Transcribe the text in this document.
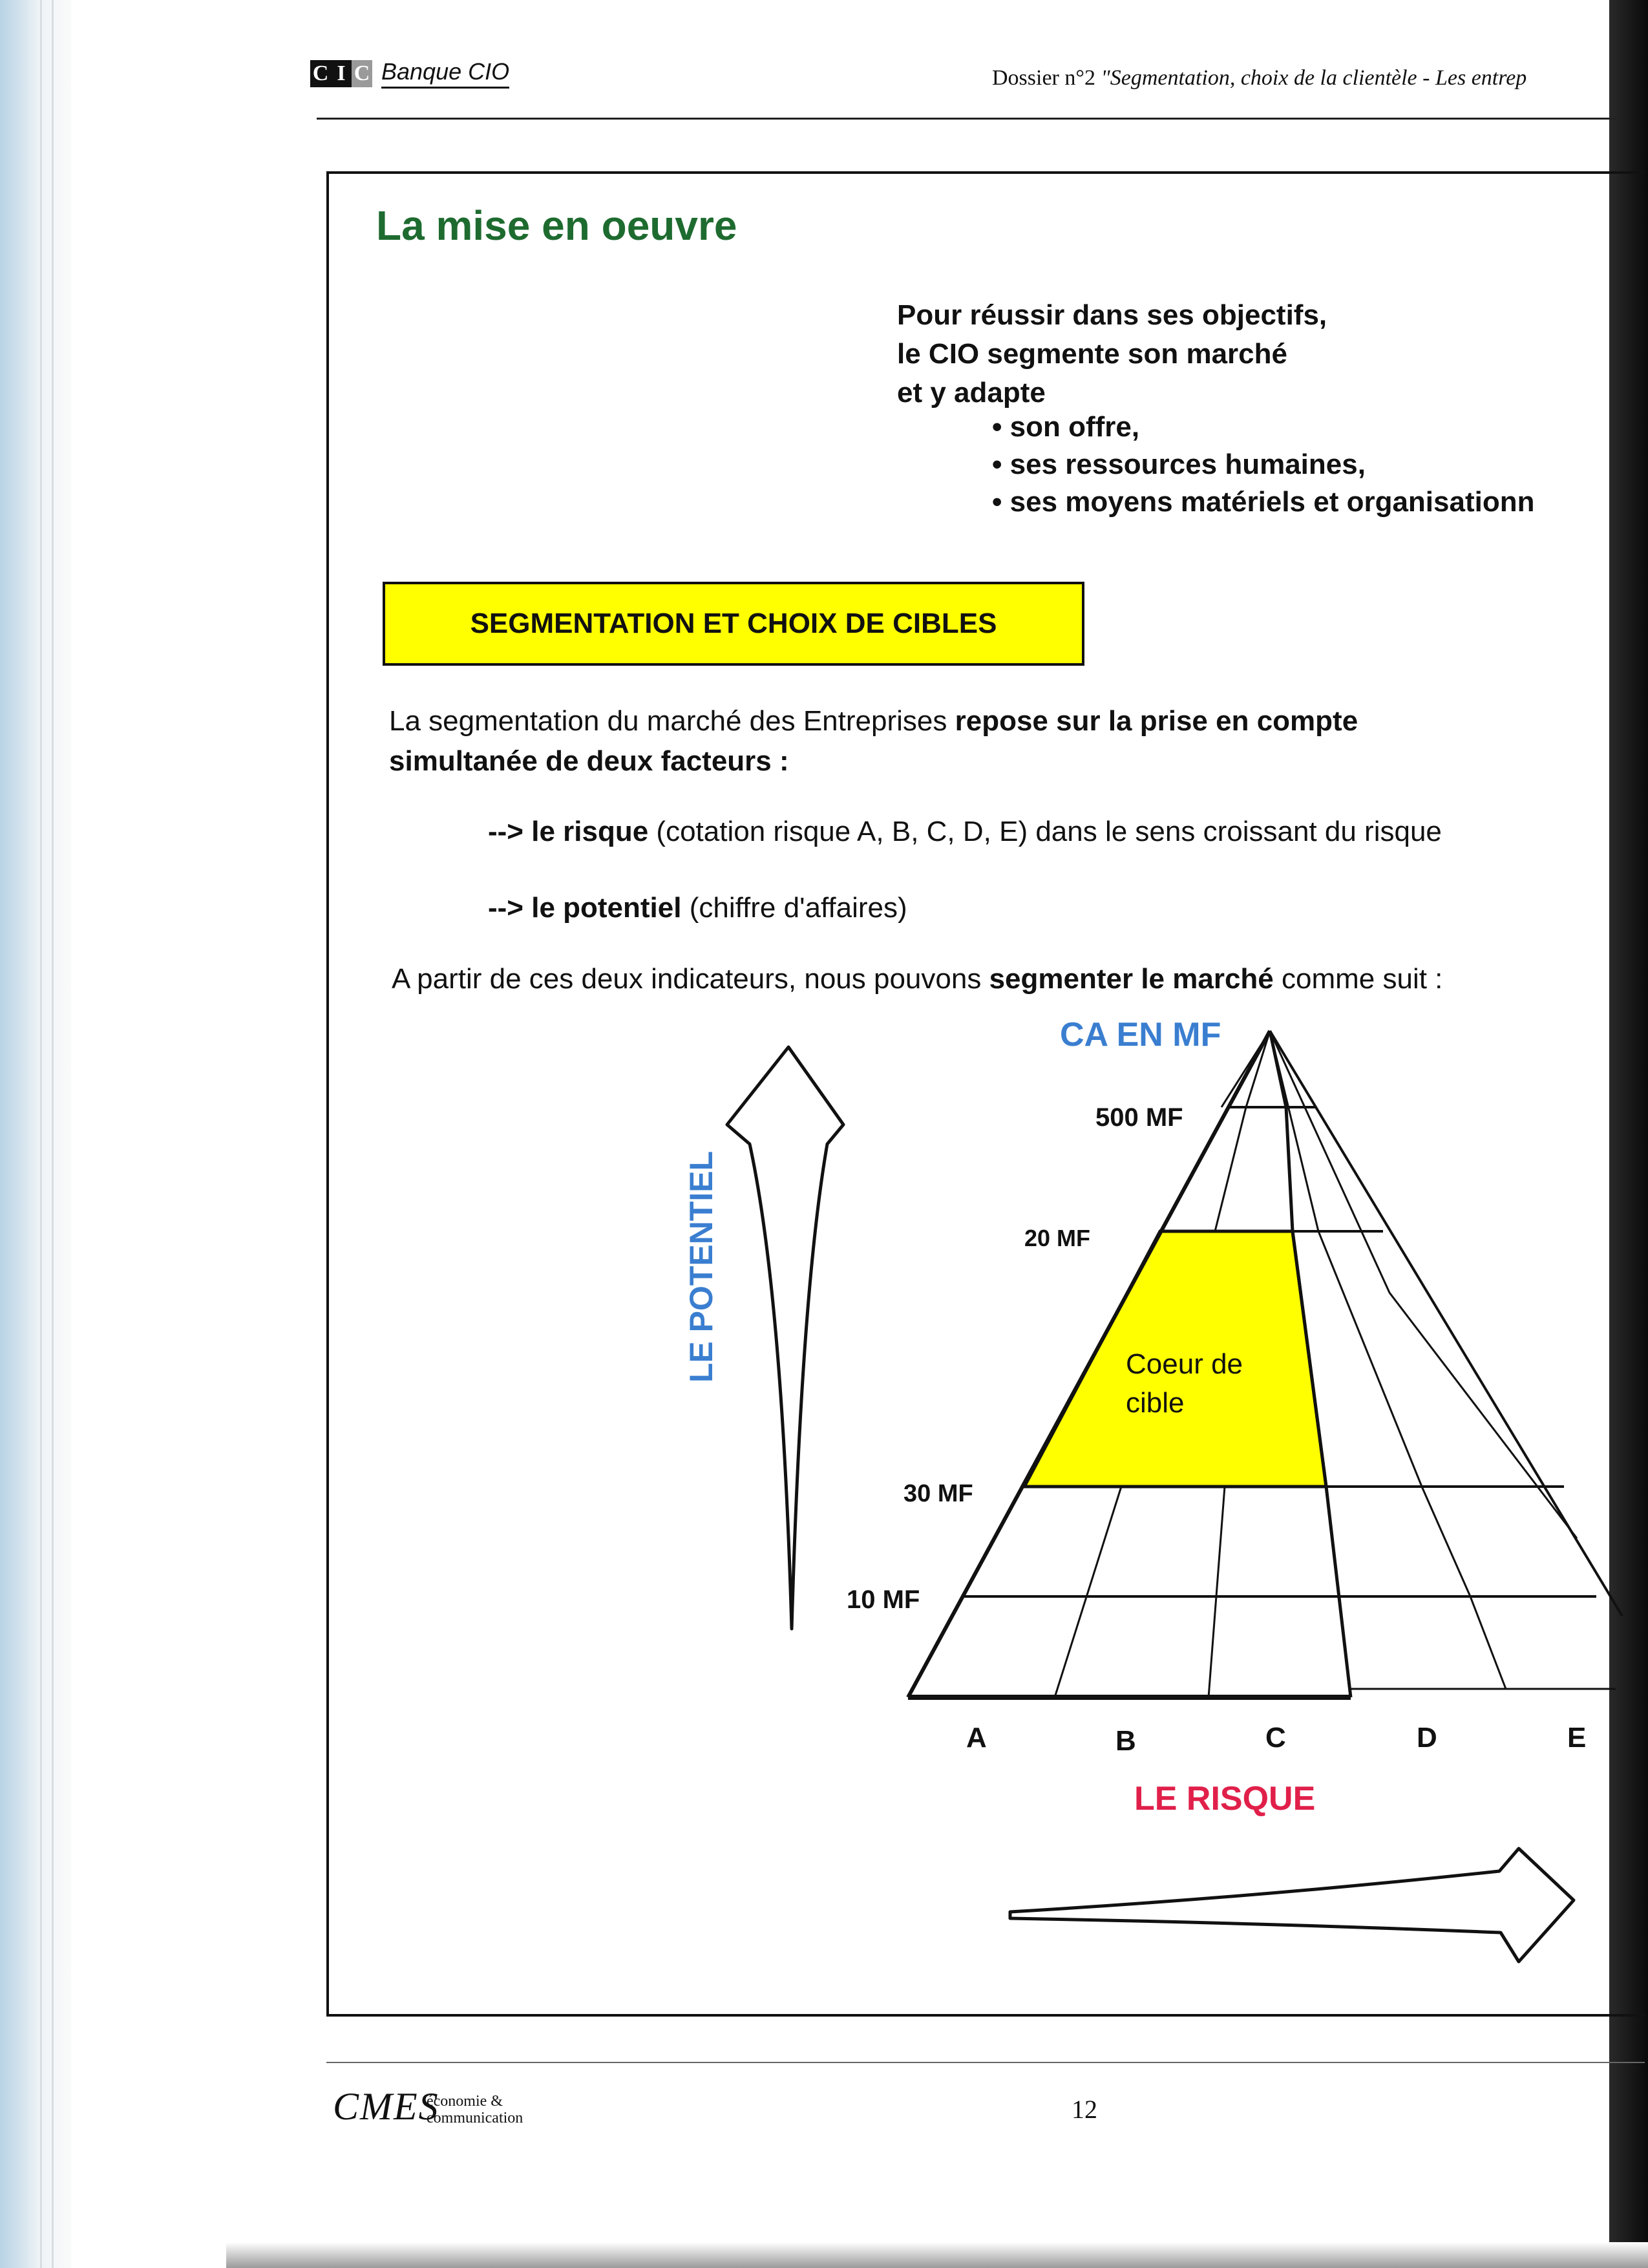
C I C Banque CIO	Dossier n°2 "Segmentation, choix de la clientèle - Les entrep
La mise en oeuvre
Pour réussir dans ses objectifs,
le CIO segmente son marché
et y adapte
• son offre,
• ses ressources humaines,
• ses moyens matériels et organisationn
SEGMENTATION ET CHOIX DE CIBLES
La segmentation du marché des Entreprises repose sur la prise en compte
simultanée de deux facteurs :
--> le risque (cotation risque A, B, C, D, E) dans le sens croissant du risque
--> le potentiel (chiffre d'affaires)
A partir de ces deux indicateurs, nous pouvons segmenter le marché comme suit :
LE POTENTIEL
CA EN MF
500 MF
20 MF
30 MF
10 MF
Coeur de
cible
A	B	C	D	E
LE RISQUE
CMES
économie &
communication	12
